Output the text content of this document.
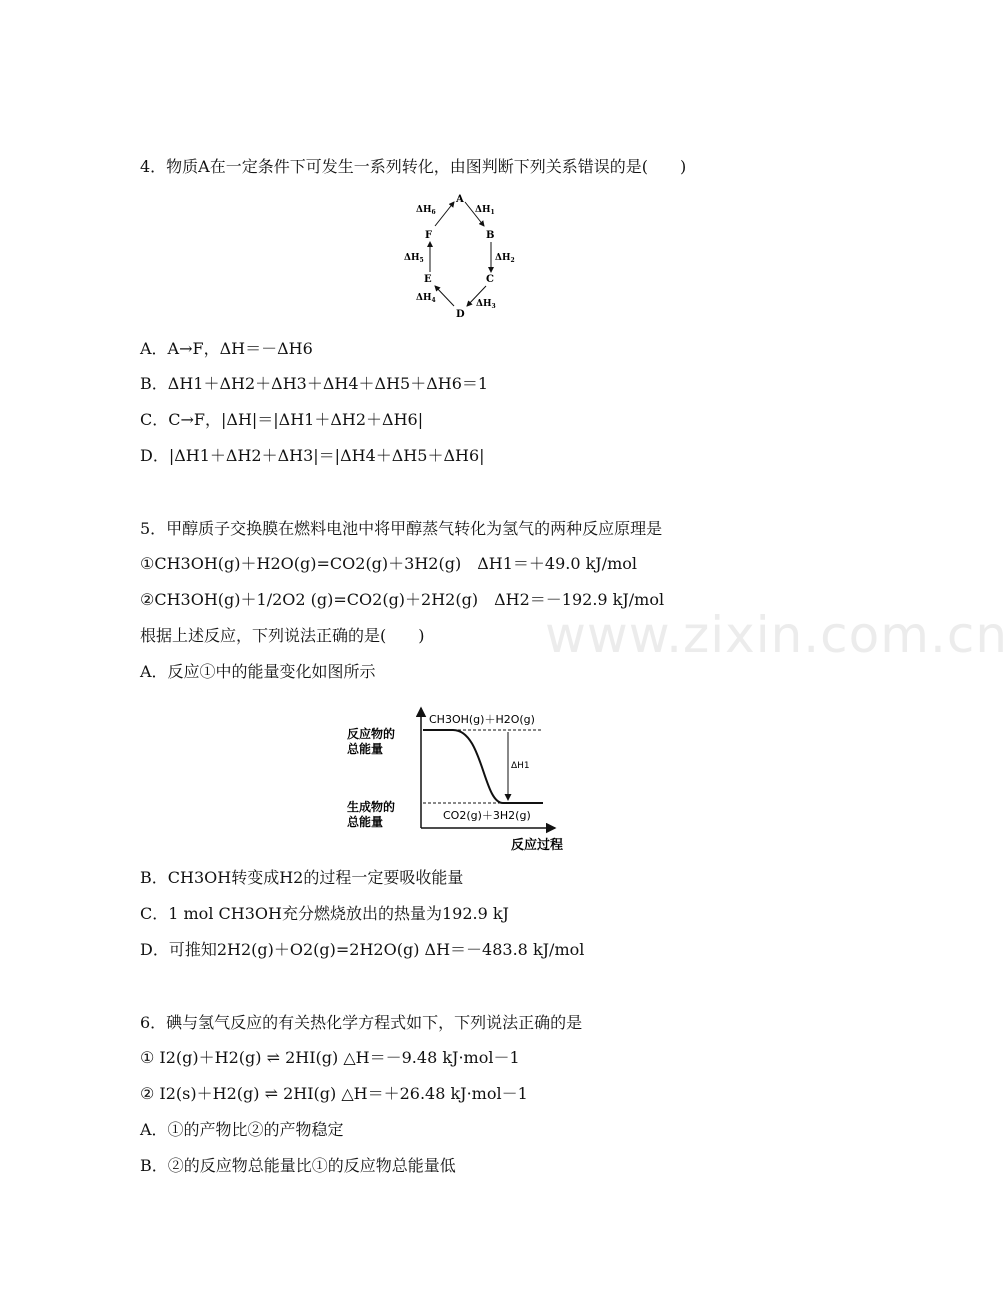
www.zixin.com.cn
4．物质A在一定条件下可发生一系列转化，由图判断下列关系错误的是(　　)
A
B
C
D
E
F
$\Delta H_1$
$\Delta H_2$
$\Delta H_3$
$\Delta H_4$
$\Delta H_5$
$\Delta H_6$
A．A→F，ΔH＝－ΔH6
B．ΔH1＋ΔH2＋ΔH3＋ΔH4＋ΔH5＋ΔH6＝1
C．C→F，|ΔH|＝|ΔH1＋ΔH2＋ΔH6|
D．|ΔH1＋ΔH2＋ΔH3|＝|ΔH4＋ΔH5＋ΔH6|
5．甲醇质子交换膜在燃料电池中将甲醇蒸气转化为氢气的两种反应原理是
①CH3OH(g)＋H2O(g)=CO2(g)＋3H2(g)　ΔH1＝＋49.0 kJ/mol
②CH3OH(g)＋1/2O2 (g)=CO2(g)＋2H2(g)　ΔH2＝－192.9 kJ/mol
根据上述反应，下列说法正确的是(　　)
A．反应①中的能量变化如图所示
CH3OH(g)＋H2O(g)
CO2(g)＋3H2(g)
ΔH1
反应物的总能量
生成物的总能量
反应过程
B．CH3OH转变成H2的过程一定要吸收能量
C．1 mol CH3OH充分燃烧放出的热量为192.9 kJ
D．可推知2H2(g)＋O2(g)=2H2O(g) ΔH＝－483.8 kJ/mol
6．碘与氢气反应的有关热化学方程式如下，下列说法正确的是
① I2(g)＋H2(g) ⇌ 2HI(g) △H＝－9.48 kJ·mol－1
② I2(s)＋H2(g) ⇌ 2HI(g) △H＝＋26.48 kJ·mol－1
A．①的产物比②的产物稳定
B．②的反应物总能量比①的反应物总能量低
